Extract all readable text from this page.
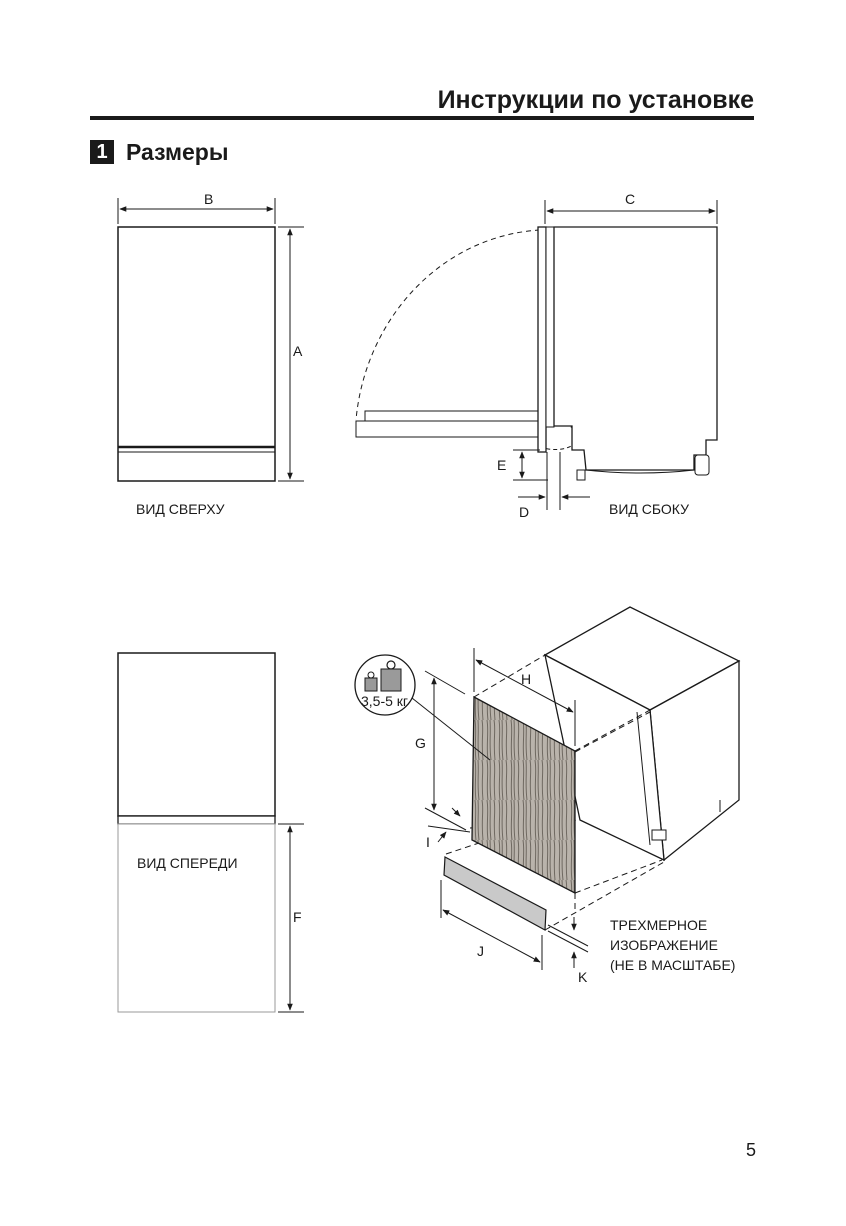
Инструкции по установке
1 Размеры
B
A
ВИД СВЕРХУ
C
E
D	ВИД СБОКУ
F
ВИД СПЕРЕДИ
H
G
I
J
K
ТРЕХМЕРНОЕ
ИЗОБРАЖЕНИЕ
(НЕ В МАСШТАБЕ)
3,5-5 кг
5
